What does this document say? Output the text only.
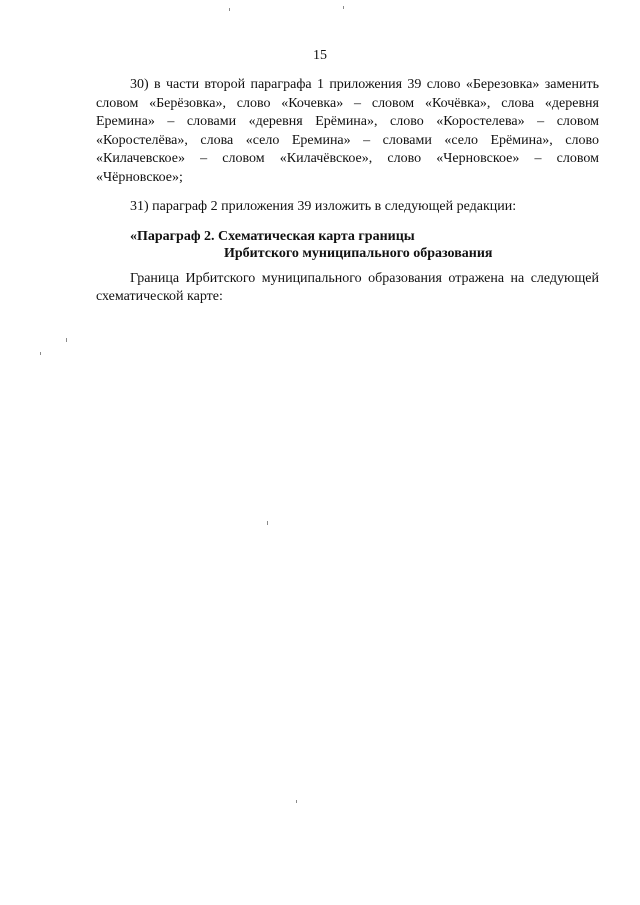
15

30) в части второй параграфа 1 приложения 39 слово «Березовка» заменить словом «Берёзовка», слово «Кочевка» – словом «Кочёвка», слова «деревня Еремина» – словами «деревня Ерёмина», слово «Коростелева» – словом «Коростелёва», слова «село Еремина» – словами «село Ерёмина», слово «Килачевское» – словом «Килачёвское», слово «Черновское» – словом «Чёрновское»;

31) параграф 2 приложения 39 изложить в следующей редакции:

«Параграф 2. Схематическая карта границы
Ирбитского муниципального образования

Граница Ирбитского муниципального образования отражена на следующей схематической карте:
